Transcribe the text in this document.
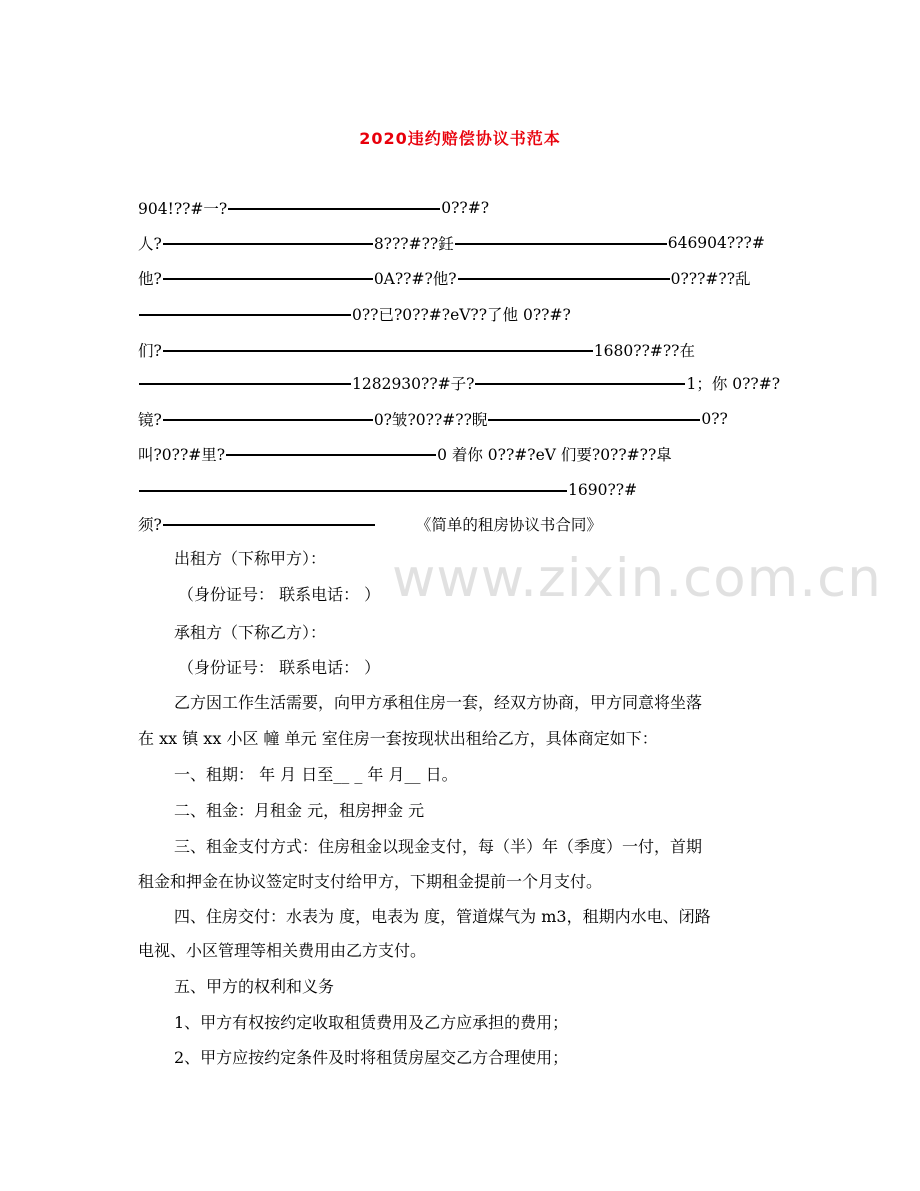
2020违约赔偿协议书范本
904!??#一?	0??#?
人?	8???#??鈓	646904???#
他?	0A??#?他?	0???#??乱
0??已?0??#?eV??了他 0??#?
们?	1680??#??在
1282930??#子?	1；你 0??#?
镜?	0?皱?0??#??睨	0??
叫?0??#里?	0 着你 0??#?eV 们要?0??#??皐
1690??#
须?	《简单的租房协议书合同》
www.zixin.com.cn
出租方（下称甲方）：
（身份证号： 联系电话： ）
承租方（下称乙方）：
（身份证号： 联系电话： ）
乙方因工作生活需要，向甲方承租住房一套，经双方协商，甲方同意将坐落
在 xx 镇 xx 小区 幢 单元 室住房一套按现状出租给乙方，具体商定如下：
一、租期： 年 月 日至__ _ 年 月__ 日。
二、租金：月租金 元，租房押金 元
三、租金支付方式：住房租金以现金支付，每（半）年（季度）一付，首期
租金和押金在协议签定时支付给甲方，下期租金提前一个月支付。
四、住房交付：水表为 度，电表为 度，管道煤气为 m3，租期内水电、闭路
电视、小区管理等相关费用由乙方支付。
五、甲方的权利和义务
1、甲方有权按约定收取租赁费用及乙方应承担的费用；
2、甲方应按约定条件及时将租赁房屋交乙方合理使用；
